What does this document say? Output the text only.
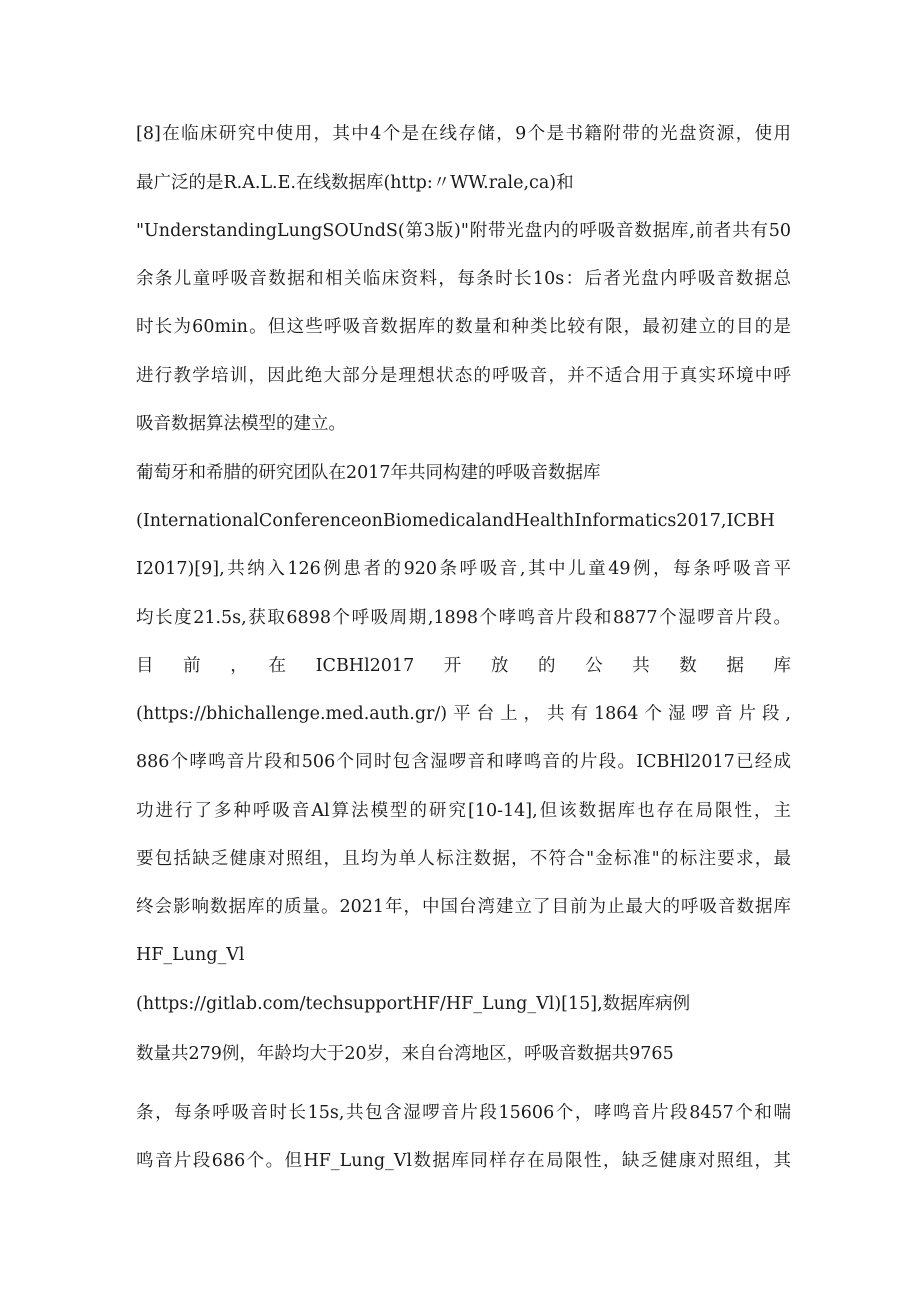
[8]在临床研究中使用，其中4个是在线存储，9个是书籍附带的光盘资源，使用
最广泛的是R.A.L.E.在线数据库(http:〃WW.rale,ca)和
"UnderstandingLungSOUndS(第3版)"附带光盘内的呼吸音数据库,前者共有50
余条儿童呼吸音数据和相关临床资料，每条时长10s：后者光盘内呼吸音数据总
时长为60min。但这些呼吸音数据库的数量和种类比较有限，最初建立的目的是
进行教学培训，因此绝大部分是理想状态的呼吸音，并不适合用于真实环境中呼
吸音数据算法模型的建立。
葡萄牙和希腊的研究团队在2017年共同构建的呼吸音数据库
(InternationalConferenceonBiomedicalandHealthInformatics2017,ICBH
I2017)[9],共纳入126例患者的920条呼吸音,其中儿童49例，每条呼吸音平
均长度21.5s,获取6898个呼吸周期,1898个哮鸣音片段和8877个湿啰音片段。
目　前　，　在　ICBHl2017　开　放　的　公　共　数　据　库
(https:/∕bhichallenge.med.auth.gr∕)平台上，共有1864个湿啰音片段,
886个哮鸣音片段和506个同时包含湿啰音和哮鸣音的片段。ICBHl2017已经成
功进行了多种呼吸音Al算法模型的研究[10-14],但该数据库也存在局限性，主
要包括缺乏健康对照组，且均为单人标注数据，不符合"金标准"的标注要求，最
终会影响数据库的质量。2021年，中国台湾建立了目前为止最大的呼吸音数据库
HF_Lung_Vl
(https://gitlab.com/techsupportHF/HF_Lung_Vl)[15],数据库病例
数量共279例，年龄均大于20岁，来自台湾地区，呼吸音数据共9765
条，每条呼吸音时长15s,共包含湿啰音片段15606个，哮鸣音片段8457个和喘
鸣音片段686个。但HF_Lung_Vl数据库同样存在局限性，缺乏健康对照组，其
